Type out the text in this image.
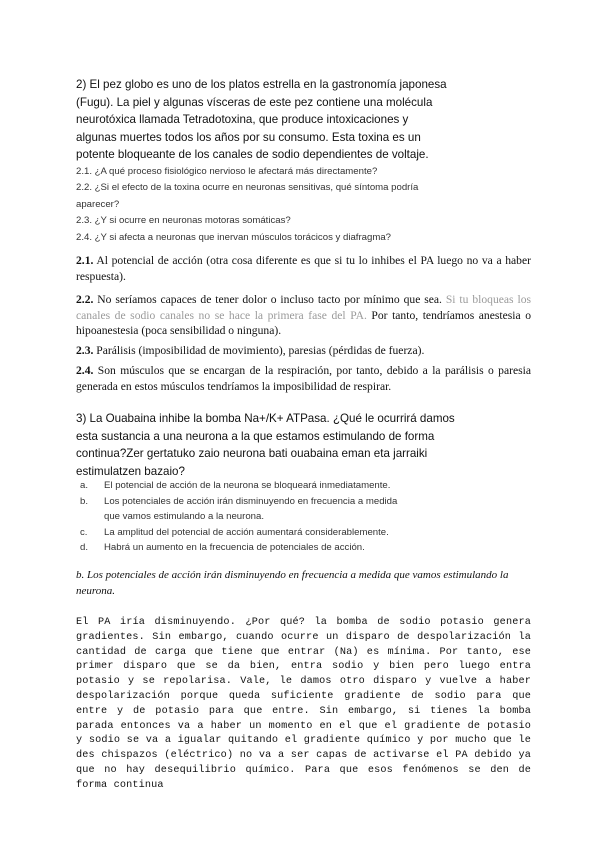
2) El pez globo es uno de los platos estrella en la gastronomía japonesa
(Fugu). La piel y algunas vísceras de este pez contiene una molécula
neurotóxica llamada Tetradotoxina, que produce intoxicaciones y
algunas muertes todos los años por su consumo. Esta toxina es un
potente bloqueante de los canales de sodio dependientes de voltaje.
2.1. ¿A qué proceso fisiológico nervioso le afectará más directamente?
2.2. ¿Si el efecto de la toxina ocurre en neuronas sensitivas, qué síntoma podría
aparecer?
2.3. ¿Y si ocurre en neuronas motoras somáticas?
2.4. ¿Y si afecta a neuronas que inervan músculos torácicos y diafragma?
2.1. Al potencial de acción (otra cosa diferente es que si tu lo inhibes el PA luego no va a haber respuesta).
2.2. No seríamos capaces de tener dolor o incluso tacto por mínimo que sea. Si tu bloqueas los canales de sodio canales no se hace la primera fase del PA. Por tanto, tendríamos anestesia o hipoanestesia (poca sensibilidad o ninguna).
2.3. Parálisis (imposibilidad de movimiento), paresias (pérdidas de fuerza).
2.4. Son músculos que se encargan de la respiración, por tanto, debido a la parálisis o paresia generada en estos músculos tendríamos la imposibilidad de respirar.
3) La Ouabaina inhibe la bomba Na+/K+ ATPasa. ¿Qué le ocurrirá damos
esta sustancia a una neurona a la que estamos estimulando de forma
continua?Zer gertatuko zaio neurona bati ouabaina eman eta jarraiki
estimulatzen bazaio?
a.	El potencial de acción de la neurona se bloqueará inmediatamente.
b.	Los potenciales de acción irán disminuyendo en frecuencia a medida
que vamos estimulando a la neurona.
c.	La amplitud del potencial de acción aumentará considerablemente.
d.	Habrá un aumento en la frecuencia de potenciales de acción.
b. Los potenciales de acción irán disminuyendo en frecuencia a medida que vamos estimulando la neurona.
El PA iría disminuyendo. ¿Por qué? la bomba de sodio potasio genera gradientes. Sin embargo, cuando ocurre un disparo de despolarización la cantidad de carga que tiene que entrar (Na) es mínima. Por tanto, ese primer disparo que se da bien, entra sodio y bien pero luego entra potasio y se repolarisa. Vale, le damos otro disparo y vuelve a haber despolarización porque queda suficiente gradiente de sodio para que entre y de potasio para que entre. Sin embargo, si tienes la bomba parada entonces va a haber un momento en el que el gradiente de potasio y sodio se va a igualar quitando el gradiente químico y por mucho que le des chispazos (eléctrico) no va a ser capas de activarse el PA debido ya que no hay desequilibrio químico. Para que esos fenómenos se den de forma continua
